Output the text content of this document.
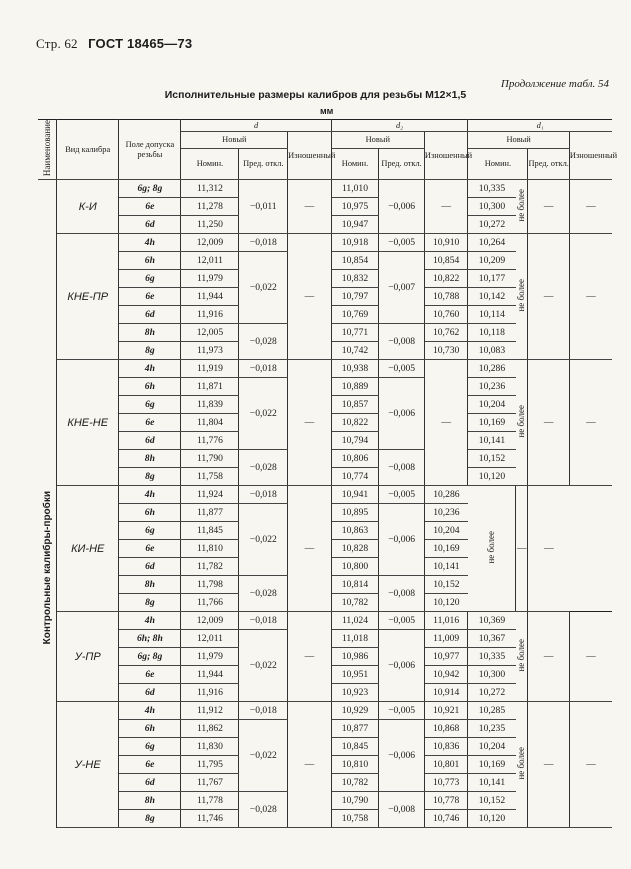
Стр. 62 ГОСТ 18465—73
Продолжение табл. 54
Исполнительные размеры калибров для резьбы М12×1,5
мм
Наименование	Вид калибра	Поле допуска резьбы	d			d₂			d₁			
			Новый		Изношенный	Новый		Изношенный	Новый			Изношенный
			Номин.	Пред. откл.		Номин.	Пред. откл.		Номин.		Пред. откл.	
Контрольные калибры-пробки	К-И	6g; 8g	11,312	−0,011	—	11,010	−0,006	—	10,335	не более	—	—
		6e	11,278			10,975			10,300			
		6d	11,250			10,947			10,272			
	КНЕ-ПР	4h	12,009	−0,018	—	10,918	−0,005	10,910	10,264	не более	—	—
		6h	12,011	−0,022		10,854	−0,007	10,854	10,209			
		6g	11,979			10,832		10,822	10,177			
		6e	11,944			10,797		10,788	10,142			
		6d	11,916			10,769		10,760	10,114			
		8h	12,005	−0,028		10,771	−0,008	10,762	10,118			
		8g	11,973			10,742		10,730	10,083			
	КНЕ-НЕ	4h	11,919	−0,018	—	10,938	−0,005	—	10,286	не более	—	—
		6h	11,871	−0,022		10,889	−0,006		10,236			
		6g	11,839			10,857			10,204			
		6e	11,804			10,822			10,169			
		6d	11,776			10,794			10,141			
		8h	11,790	−0,028		10,806	−0,008		10,152			
		8g	11,758			10,774			10,120			
	КИ-НЕ	4h	11,924	−0,018	—	10,941	−0,005	10,286	не более	—	—	
		6h	11,877	−0,022		10,895	−0,006	10,236				
		6g	11,845			10,863		10,204				
		6e	11,810			10,828		10,169				
		6d	11,782			10,800		10,141				
		8h	11,798	−0,028		10,814	−0,008	10,152				
		8g	11,766			10,782		10,120				
	У-ПР	4h	12,009	−0,018	—	11,024	−0,005	11,016	10,369	не более	—	—
		6h; 8h	12,011	−0,022		11,018	−0,006	11,009	10,367			
		6g; 8g	11,979			10,986		10,977	10,335			
		6e	11,944			10,951		10,942	10,300			
		6d	11,916			10,923		10,914	10,272			
	У-НЕ	4h	11,912	−0,018	—	10,929	−0,005	10,921	10,285	не более	—	—
		6h	11,862	−0,022		10,877	−0,006	10,868	10,235			
		6g	11,830			10,845		10,836	10,204			
		6e	11,795			10,810		10,801	10,169			
		6d	11,767			10,782		10,773	10,141			
		8h	11,778	−0,028		10,790	−0,008	10,778	10,152			
		8g	11,746			10,758		10,746	10,120			
